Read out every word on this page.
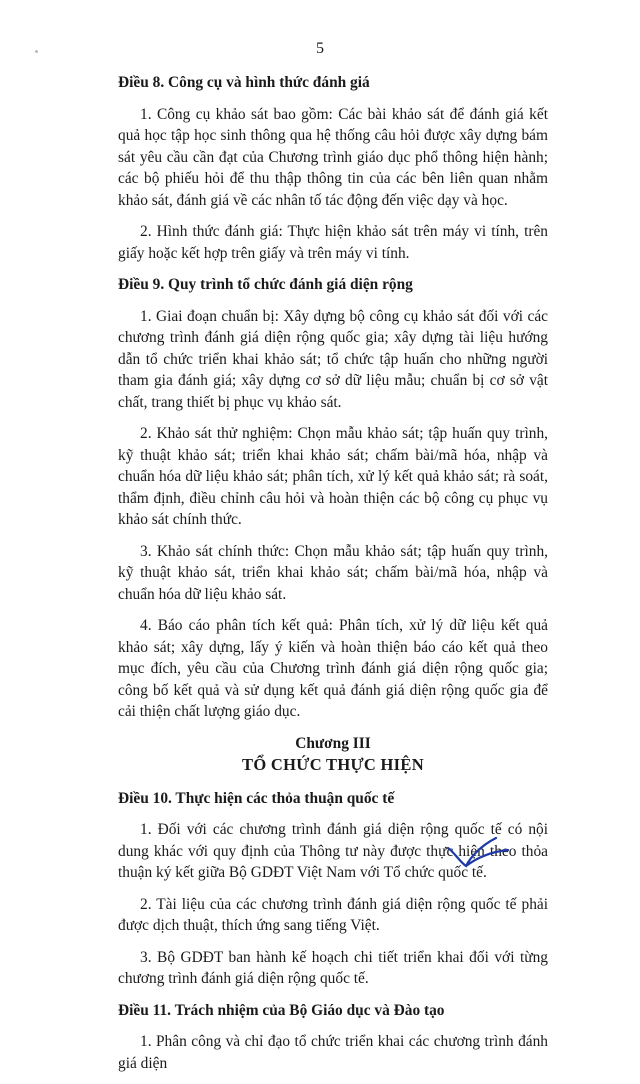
5
Điều 8. Công cụ và hình thức đánh giá

1. Công cụ khảo sát bao gồm: Các bài khảo sát để đánh giá kết quả học tập học sinh thông qua hệ thống câu hỏi được xây dựng bám sát yêu cầu cần đạt của Chương trình giáo dục phổ thông hiện hành; các bộ phiếu hỏi để thu thập thông tin của các bên liên quan nhằm khảo sát, đánh giá về các nhân tố tác động đến việc dạy và học.

2. Hình thức đánh giá: Thực hiện khảo sát trên máy vi tính, trên giấy hoặc kết hợp trên giấy và trên máy vi tính.

Điều 9. Quy trình tổ chức đánh giá diện rộng

1. Giai đoạn chuẩn bị: Xây dựng bộ công cụ khảo sát đối với các chương trình đánh giá diện rộng quốc gia; xây dựng tài liệu hướng dẫn tổ chức triển khai khảo sát; tổ chức tập huấn cho những người tham gia đánh giá; xây dựng cơ sở dữ liệu mẫu; chuẩn bị cơ sở vật chất, trang thiết bị phục vụ khảo sát.

2. Khảo sát thử nghiệm: Chọn mẫu khảo sát; tập huấn quy trình, kỹ thuật khảo sát; triển khai khảo sát; chấm bài/mã hóa, nhập và chuẩn hóa dữ liệu khảo sát; phân tích, xử lý kết quả khảo sát; rà soát, thẩm định, điều chỉnh câu hỏi và hoàn thiện các bộ công cụ phục vụ khảo sát chính thức.

3. Khảo sát chính thức: Chọn mẫu khảo sát; tập huấn quy trình, kỹ thuật khảo sát, triển khai khảo sát; chấm bài/mã hóa, nhập và chuẩn hóa dữ liệu khảo sát.

4. Báo cáo phân tích kết quả: Phân tích, xử lý dữ liệu kết quả khảo sát; xây dựng, lấy ý kiến và hoàn thiện báo cáo kết quả theo mục đích, yêu cầu của Chương trình đánh giá diện rộng quốc gia; công bố kết quả và sử dụng kết quả đánh giá diện rộng quốc gia để cải thiện chất lượng giáo dục.

Chương III
TỔ CHỨC THỰC HIỆN
Điều 10. Thực hiện các thỏa thuận quốc tế

1. Đối với các chương trình đánh giá diện rộng quốc tế có nội dung khác với quy định của Thông tư này được thực hiện theo thỏa thuận ký kết giữa Bộ GDĐT Việt Nam với Tổ chức quốc tế.

2. Tài liệu của các chương trình đánh giá diện rộng quốc tế phải được dịch thuật, thích ứng sang tiếng Việt.

3. Bộ GDĐT ban hành kế hoạch chi tiết triển khai đối với từng chương trình đánh giá diện rộng quốc tế.

Điều 11. Trách nhiệm của Bộ Giáo dục và Đào tạo

1. Phân công và chỉ đạo tổ chức triển khai các chương trình đánh giá diện
